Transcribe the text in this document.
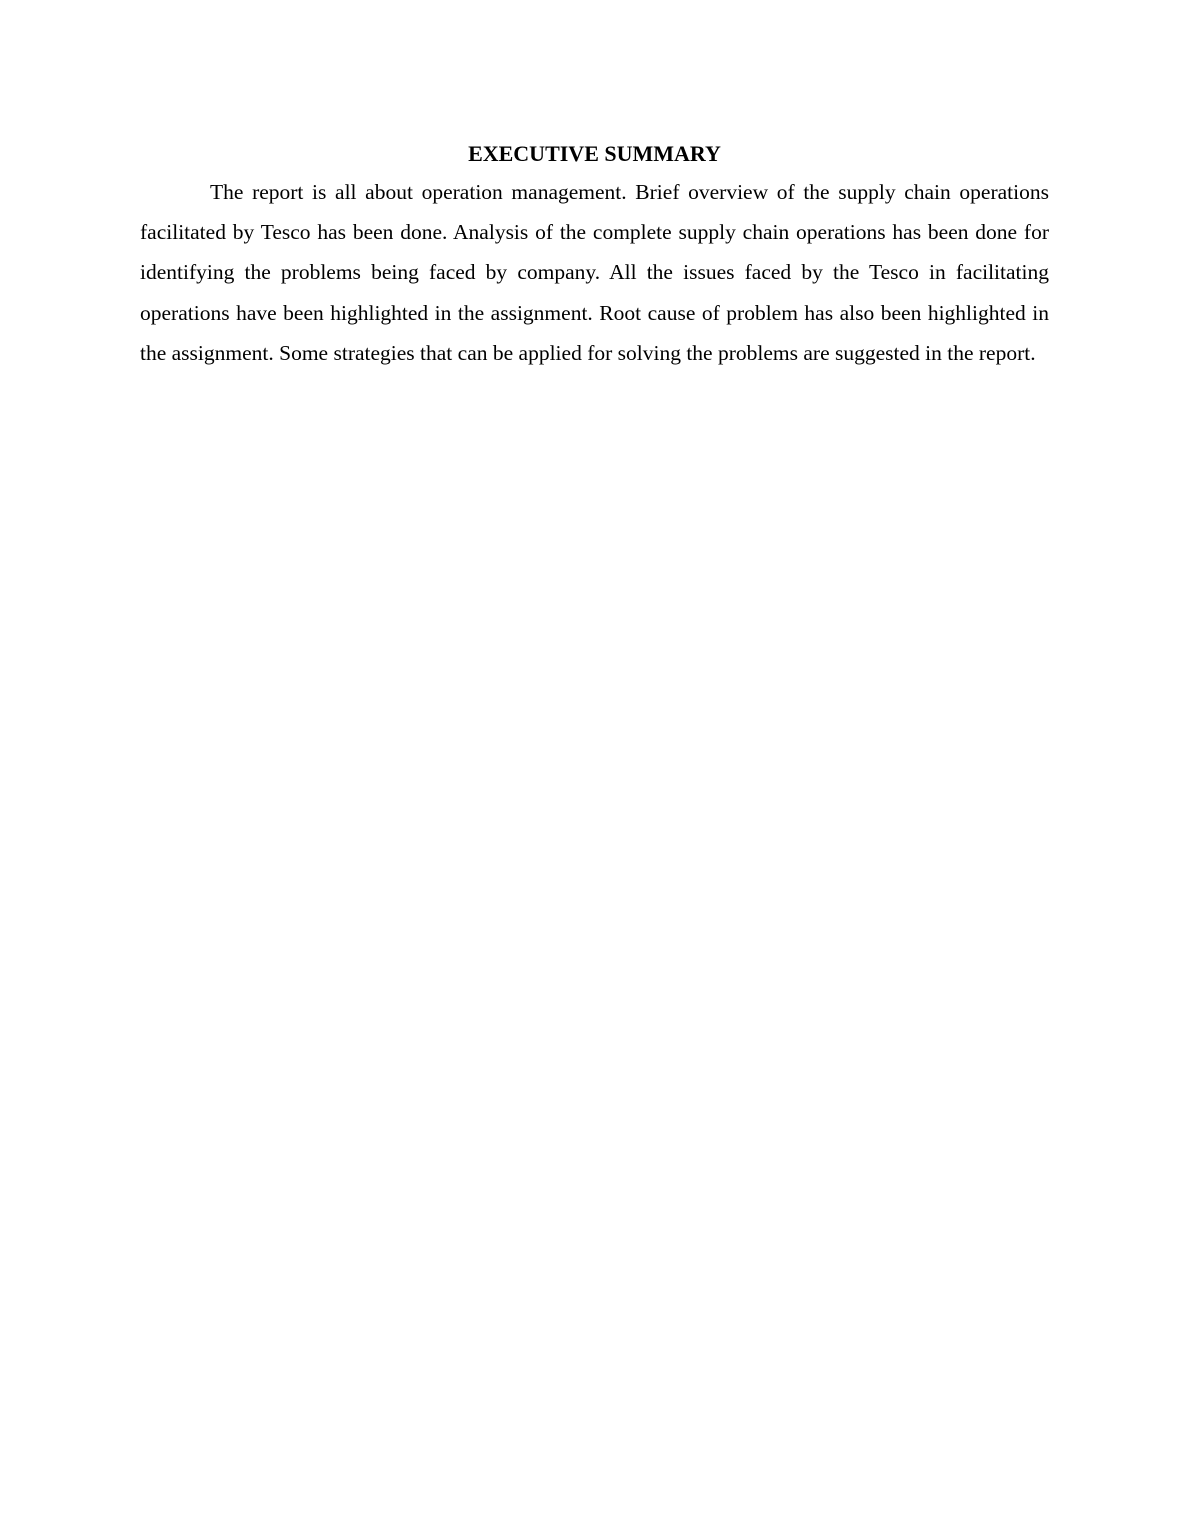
EXECUTIVE SUMMARY

The report is all about operation management. Brief overview of the supply chain operations facilitated by Tesco has been done. Analysis of the complete supply chain operations has been done for identifying the problems being faced by company. All the issues faced by the Tesco in facilitating operations have been highlighted in the assignment. Root cause of problem has also been highlighted in the assignment. Some strategies that can be applied for solving the problems are suggested in the report.
